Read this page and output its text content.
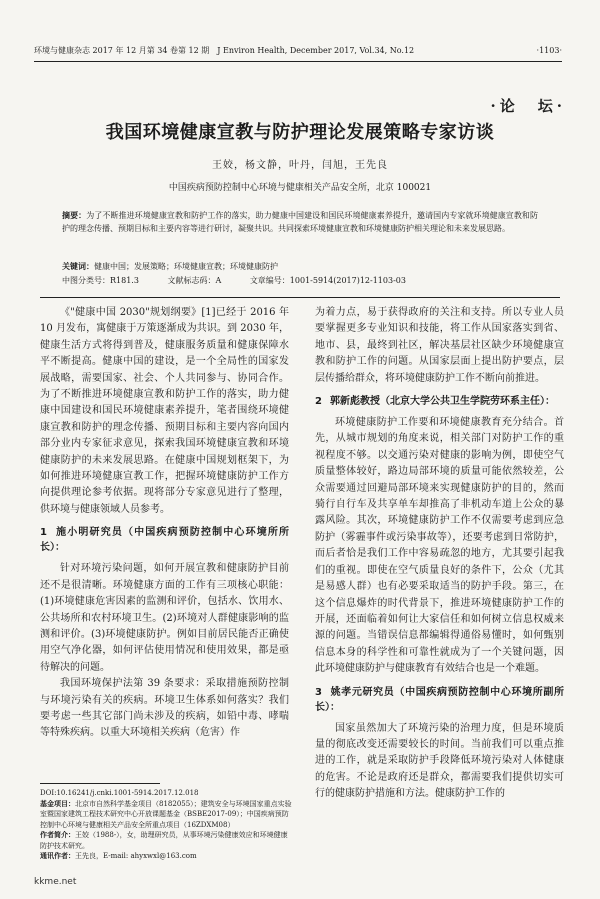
环境与健康杂志 2017 年 12 月第 34 卷第 12 期　J Environ Health, December 2017, Vol.34, No.12	·1103·
·论　坛·
我国环境健康宣教与防护理论发展策略专家访谈
王姣，杨文静，叶丹，闫旭，王先良
中国疾病预防控制中心环境与健康相关产品安全所，北京 100021
摘要：为了不断推进环境健康宣教和防护工作的落实，助力健康中国建设和国民环境健康素养提升，邀请国内专家就环境健康宣教和防护的理念传播、预期目标和主要内容等进行研讨，凝聚共识。共同探索环境健康宣教和环境健康防护相关理论和未来发展思路。
关键词：健康中国；发展策略；环境健康宣教；环境健康防护
中图分类号：R181.3	文献标志码：A	文章编号：1001-5914(2017)12-1103-03

《"健康中国 2030"规划纲要》[1]已经于 2016 年 10 月发布，寓健康于万策逐渐成为共识。到 2030 年，健康生活方式将得到普及，健康服务质量和健康保障水平不断提高。健康中国的建设，是一个全局性的国家发展战略，需要国家、社会、个人共同参与、协同合作。为了不断推进环境健康宣教和防护工作的落实，助力健康中国建设和国民环境健康素养提升，笔者围绕环境健康宣教和防护的理念传播、预期目标和主要内容向国内部分业内专家征求意见，探索我国环境健康宣教和环境健康防护的未来发展思路。在健康中国规划框架下，为如何推进环境健康宣教工作，把握环境健康防护工作方向提供理论参考依据。现将部分专家意见进行了整理，供环境与健康领域人员参考。

1 施小明研究员（中国疾病预防控制中心环境所所长）：

针对环境污染问题，如何开展宣教和健康防护目前还不是很清晰。环境健康方面的工作有三项核心职能：(1)环境健康危害因素的监测和评价，包括水、饮用水、公共场所和农村环境卫生。(2)环境对人群健康影响的监测和评价。(3)环境健康防护。例如目前居民能否正确使用空气净化器，如何评估使用情况和使用效果，都是亟待解决的问题。

我国环境保护法第 39 条要求：采取措施预防控制与环境污染有关的疾病。环境卫生体系如何落实？我们要考虑一些其它部门尚未涉及的疾病，如铅中毒、哮喘等特殊疾病。以重大环境相关疾病（危害）作

DOI:10.16241/j.cnki.1001-5914.2017.12.018
基金项目：北京市自然科学基金项目（8182055）；建筑安全与环境国家重点实验室暨国家建筑工程技术研究中心开放课题基金（BSBE2017-09）；中国疾病预防控制中心环境与健康相关产品安全所重点项目（16ZDXM08）
作者简介：王姣（1988-），女，助理研究员，从事环境污染健康效应和环境健康防护技术研究。
通讯作者：王先良，E-mail: ahyxwxl@163.com

为着力点，易于获得政府的关注和支持。所以专业人员要掌握更多专业知识和技能，将工作从国家落实到省、地市、县，最终到社区，解决基层社区缺少环境健康宣教和防护工作的问题。从国家层面上提出防护要点，层层传播给群众，将环境健康防护工作不断向前推进。

2 郭新彪教授（北京大学公共卫生学院劳环系主任）：

环境健康防护工作要和环境健康教育充分结合。首先，从城市规划的角度来说，相关部门对防护工作的重视程度不够。以交通污染对健康的影响为例，即使空气质量整体较好，路边局部环境的质量可能依然较差，公众需要通过回避局部环境来实现健康防护的目的，然而骑行自行车及共享单车却推高了非机动车道上公众的暴露风险。其次，环境健康防护工作不仅需要考虑到应急防护（雾霾事件或污染事故等），还要考虑到日常防护，而后者恰是我们工作中容易疏忽的地方，尤其要引起我们的重视。即使在空气质量良好的条件下，公众（尤其是易感人群）也有必要采取适当的防护手段。第三，在这个信息爆炸的时代背景下，推进环境健康防护工作的开展，还面临着如何让大家信任和如何树立信息权威来源的问题。当错误信息都编辑得通俗易懂时，如何甄别信息本身的科学性和可靠性就成为了一个关键问题，因此环境健康防护与健康教育有效结合也是一个难题。

3 姚孝元研究员（中国疾病预防控制中心环境所副所长）：

国家虽然加大了环境污染的治理力度，但是环境质量的彻底改变还需要较长的时间。当前我们可以重点推进的工作，就是采取防护手段降低环境污染对人体健康的危害。不论是政府还是群众，都需要我们提供切实可行的健康防护措施和方法。健康防护工作的

kkme.net
